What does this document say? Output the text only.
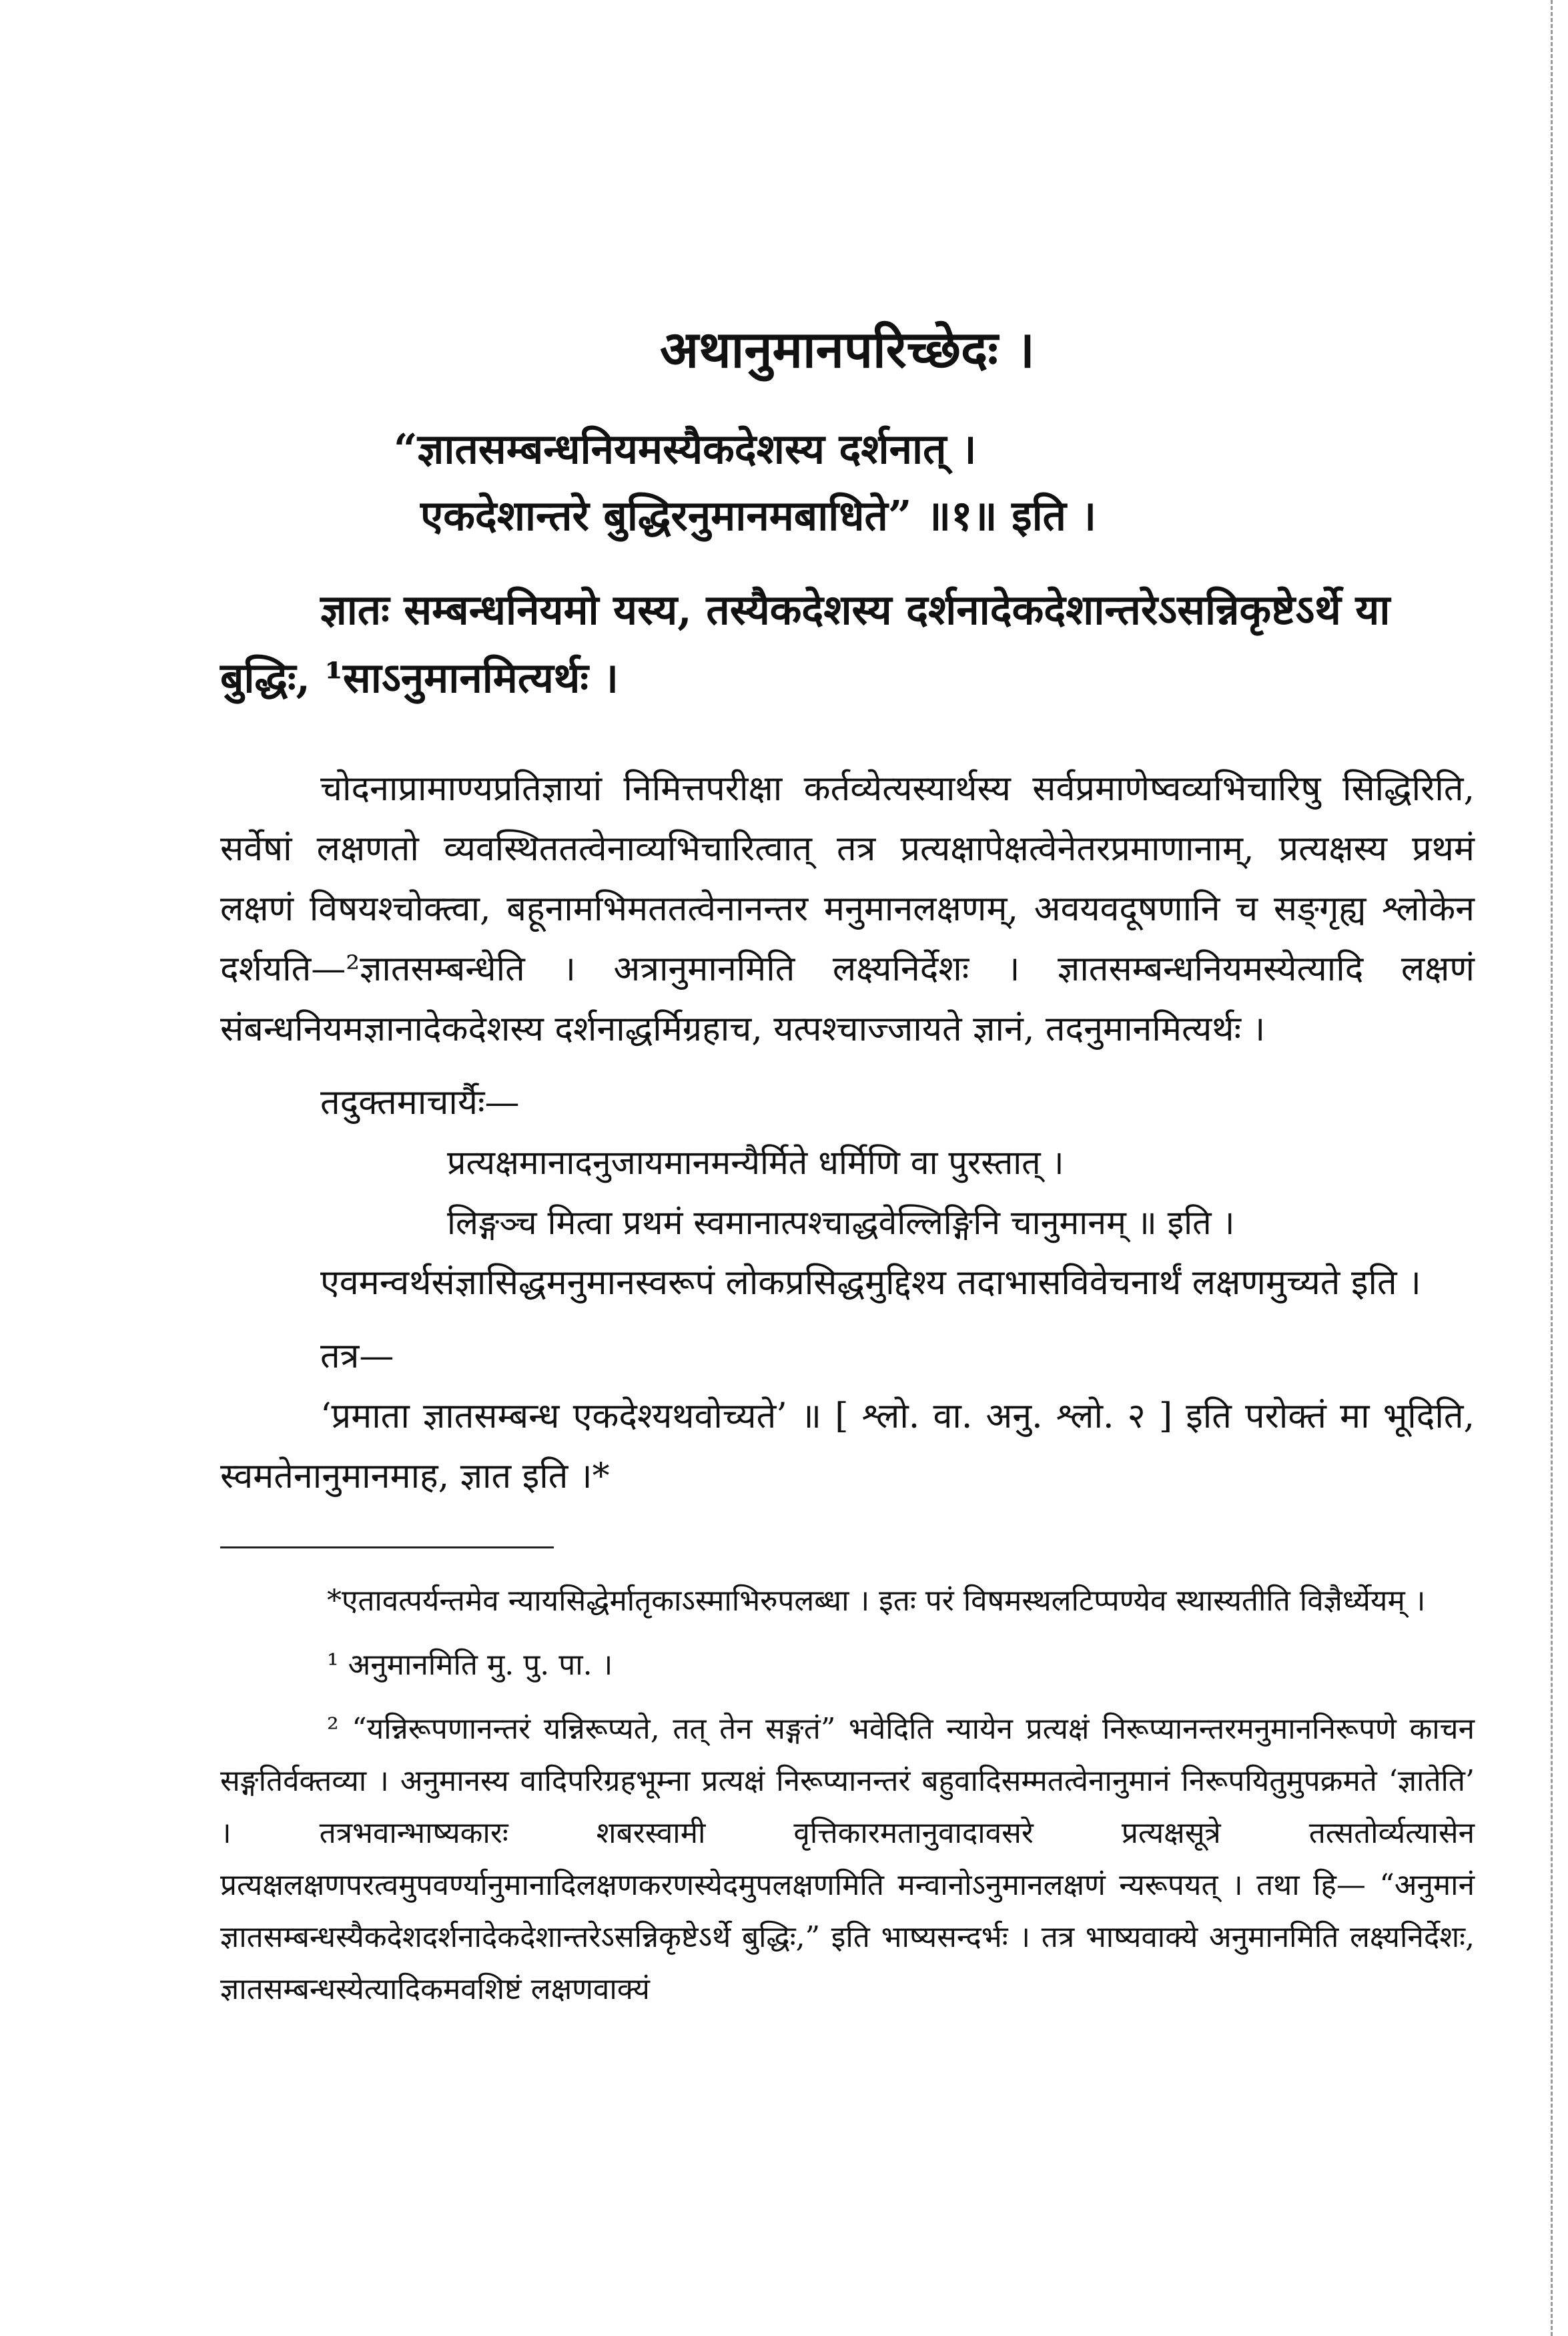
अथानुमानपरिच्छेदः ।
“ज्ञातसम्बन्धनियमस्यैकदेशस्य दर्शनात् ।
एकदेशान्तरे बुद्धिरनुमानमबाधिते” ॥१॥ इति ।
ज्ञातः सम्बन्धनियमो यस्य, तस्यैकदेशस्य दर्शनादेकदेशान्तरेऽसन्निकृष्टेऽर्थे या बुद्धिः, ¹साऽनुमानमित्यर्थः ।

चोदनाप्रामाण्यप्रतिज्ञायां निमित्तपरीक्षा कर्तव्येत्यस्यार्थस्य सर्वप्रमाणेष्वव्यभिचारिषु सिद्धिरिति, सर्वेषां लक्षणतो व्यवस्थिततत्वेनाव्यभिचारित्वात् तत्र प्रत्यक्षापेक्षत्वेनेतरप्रमाणानाम्, प्रत्यक्षस्य प्रथमं लक्षणं विषयश्चोक्त्वा, बहूनामभिमततत्वेनानन्तर मनुमानलक्षणम्, अवयवदूषणानि च सङ्गृह्य श्लोकेन दर्शयति—²ज्ञातसम्बन्धेति । अत्रानुमानमिति लक्ष्यनिर्देशः । ज्ञातसम्बन्धनियमस्येत्यादि लक्षणं संबन्धनियमज्ञानादेकदेशस्य दर्शनाद्धर्मिग्रहाच, यत्पश्चाज्जायते ज्ञानं, तदनुमानमित्यर्थः ।

तदुक्तमाचार्यैः—
प्रत्यक्षमानादनुजायमानमन्यैर्मिते धर्मिणि वा पुरस्तात् ।
लिङ्गञ्च मित्वा प्रथमं स्वमानात्पश्चाद्धवेल्लिङ्गिनि चानुमानम् ॥ इति ।

एवमन्वर्थसंज्ञासिद्धमनुमानस्वरूपं लोकप्रसिद्धमुद्दिश्य तदाभासविवेचनार्थं लक्षणमुच्यते इति ।

तत्र—

‘प्रमाता ज्ञातसम्बन्ध एकदेश्यथवोच्यते’ ॥ [ श्लो. वा. अनु. श्लो. २ ] इति परोक्तं मा भूदिति, स्वमतेनानुमानमाह, ज्ञात इति ।*

*एतावत्पर्यन्तमेव न्यायसिद्धेर्मातृकाऽस्माभिरुपलब्धा । इतः परं विषमस्थलटिप्पण्येव स्थास्यतीति विज्ञैर्ध्येयम् ।

¹ अनुमानमिति मु. पु. पा. ।

² “यन्निरूपणानन्तरं यन्निरूप्यते, तत् तेन सङ्गतं” भवेदिति न्यायेन प्रत्यक्षं निरूप्यानन्तरमनुमाननिरूपणे काचन सङ्गतिर्वक्तव्या । अनुमानस्य वादिपरिग्रहभूम्ना प्रत्यक्षं निरूप्यानन्तरं बहुवादिसम्मतत्वेनानुमानं निरूपयितुमुपक्रमते ‘ज्ञातेति’ । तत्रभवान्भाष्यकारः शबरस्वामी वृत्तिकारमतानुवादावसरे प्रत्यक्षसूत्रे तत्सतोर्व्यत्यासेन प्रत्यक्षलक्षणपरत्वमुपवर्ण्यानुमानादिलक्षणकरणस्येदमुपलक्षणमिति मन्वानोऽनुमानलक्षणं न्यरूपयत् । तथा हि— “अनुमानं ज्ञातसम्बन्धस्यैकदेशदर्शनादेकदेशान्तरेऽसन्निकृष्टेऽर्थे बुद्धिः,” इति भाष्यसन्दर्भः । तत्र भाष्यवाक्ये अनुमानमिति लक्ष्यनिर्देशः, ज्ञातसम्बन्धस्येत्यादिकमवशिष्टं लक्षणवाक्यं
